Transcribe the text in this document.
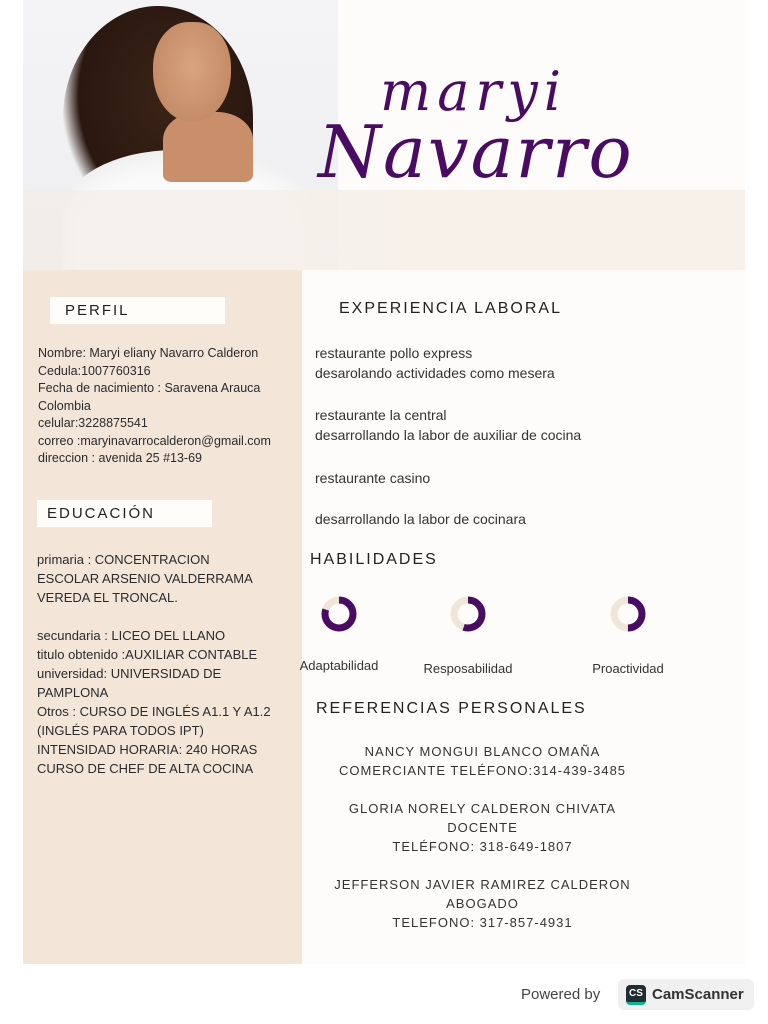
maryi
Navarro
PERFIL
Nombre: Maryi eliany Navarro Calderon
Cedula:1007760316
Fecha de nacimiento : Saravena Arauca
Colombia
celular:3228875541
correo :maryinavarrocalderon@gmail.com
direccion : avenida 25 #13-69
EDUCACIÓN
primaria : CONCENTRACION
ESCOLAR ARSENIO VALDERRAMA
VEREDA EL TRONCAL.

secundaria : LICEO DEL LLANO
titulo obtenido :AUXILIAR CONTABLE
universidad: UNIVERSIDAD DE
PAMPLONA
Otros : CURSO DE INGLÉS A1.1 Y A1.2
(INGLÉS PARA TODOS IPT)
INTENSIDAD HORARIA: 240 HORAS
CURSO DE CHEF DE ALTA COCINA
EXPERIENCIA LABORAL
restaurante pollo express
desarolando actividades como mesera
restaurante la central
desarrollando la labor de auxiliar de cocina
restaurante casino
desarrollando la labor de cocinara
HABILIDADES
Adaptabilidad	Resposabilidad	Proactividad
REFERENCIAS PERSONALES
NANCY MONGUI BLANCO OMAÑA
COMERCIANTE TELÉFONO:314-439-3485
GLORIA NORELY CALDERON CHIVATA
DOCENTE
TELÉFONO: 318-649-1807
JEFFERSON JAVIER RAMIREZ CALDERON
ABOGADO
TELEFONO: 317-857-4931
Powered by	CS CamScanner
